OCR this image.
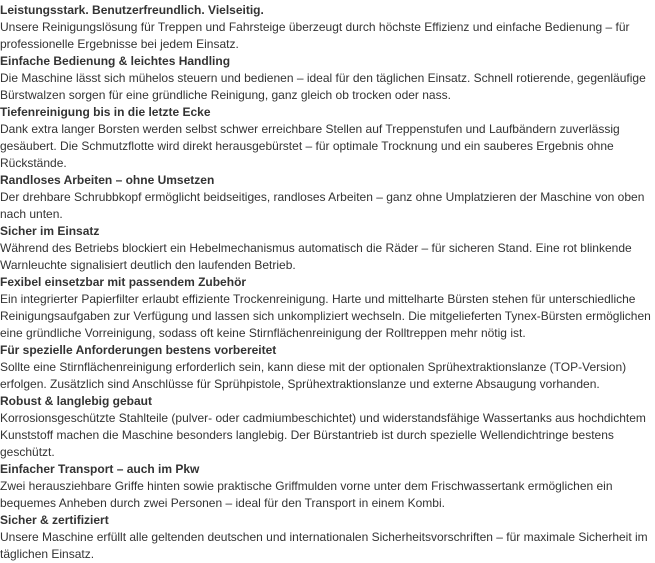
Leistungsstark. Benutzerfreundlich. Vielseitig.
Unsere Reinigungslösung für Treppen und Fahrsteige überzeugt durch höchste Effizienz und einfache Bedienung – für professionelle Ergebnisse bei jedem Einsatz.
Einfache Bedienung & leichtes Handling
Die Maschine lässt sich mühelos steuern und bedienen – ideal für den täglichen Einsatz. Schnell rotierende, gegenläufige Bürstwalzen sorgen für eine gründliche Reinigung, ganz gleich ob trocken oder nass.
Tiefenreinigung bis in die letzte Ecke
Dank extra langer Borsten werden selbst schwer erreichbare Stellen auf Treppenstufen und Laufbändern zuverlässig gesäubert. Die Schmutzflotte wird direkt herausgebürstet – für optimale Trocknung und ein sauberes Ergebnis ohne Rückstände.
Randloses Arbeiten – ohne Umsetzen
Der drehbare Schrubbkopf ermöglicht beidseitiges, randloses Arbeiten – ganz ohne Umplatzieren der Maschine von oben nach unten.
Sicher im Einsatz
Während des Betriebs blockiert ein Hebelmechanismus automatisch die Räder – für sicheren Stand. Eine rot blinkende Warnleuchte signalisiert deutlich den laufenden Betrieb.
Fexibel einsetzbar mit passendem Zubehör
Ein integrierter Papierfilter erlaubt effiziente Trockenreinigung. Harte und mittelharte Bürsten stehen für unterschiedliche Reinigungsaufgaben zur Verfügung und lassen sich unkompliziert wechseln. Die mitgelieferten Tynex-Bürsten ermöglichen eine gründliche Vorreinigung, sodass oft keine Stirnflächenreinigung der Rolltreppen mehr nötig ist.
Für spezielle Anforderungen bestens vorbereitet
Sollte eine Stirnflächenreinigung erforderlich sein, kann diese mit der optionalen Sprühextraktionslanze (TOP-Version) erfolgen. Zusätzlich sind Anschlüsse für Sprühpistole, Sprühextraktionslanze und externe Absaugung vorhanden.
Robust & langlebig gebaut
Korrosionsgeschützte Stahlteile (pulver- oder cadmiumbeschichtet) und widerstandsfähige Wassertanks aus hochdichtem Kunststoff machen die Maschine besonders langlebig. Der Bürstantrieb ist durch spezielle Wellendichtringe bestens geschützt.
Einfacher Transport – auch im Pkw
Zwei herausziehbare Griffe hinten sowie praktische Griffmulden vorne unter dem Frischwassertank ermöglichen ein bequemes Anheben durch zwei Personen – ideal für den Transport in einem Kombi.
Sicher & zertifiziert
Unsere Maschine erfüllt alle geltenden deutschen und internationalen Sicherheitsvorschriften – für maximale Sicherheit im täglichen Einsatz.
